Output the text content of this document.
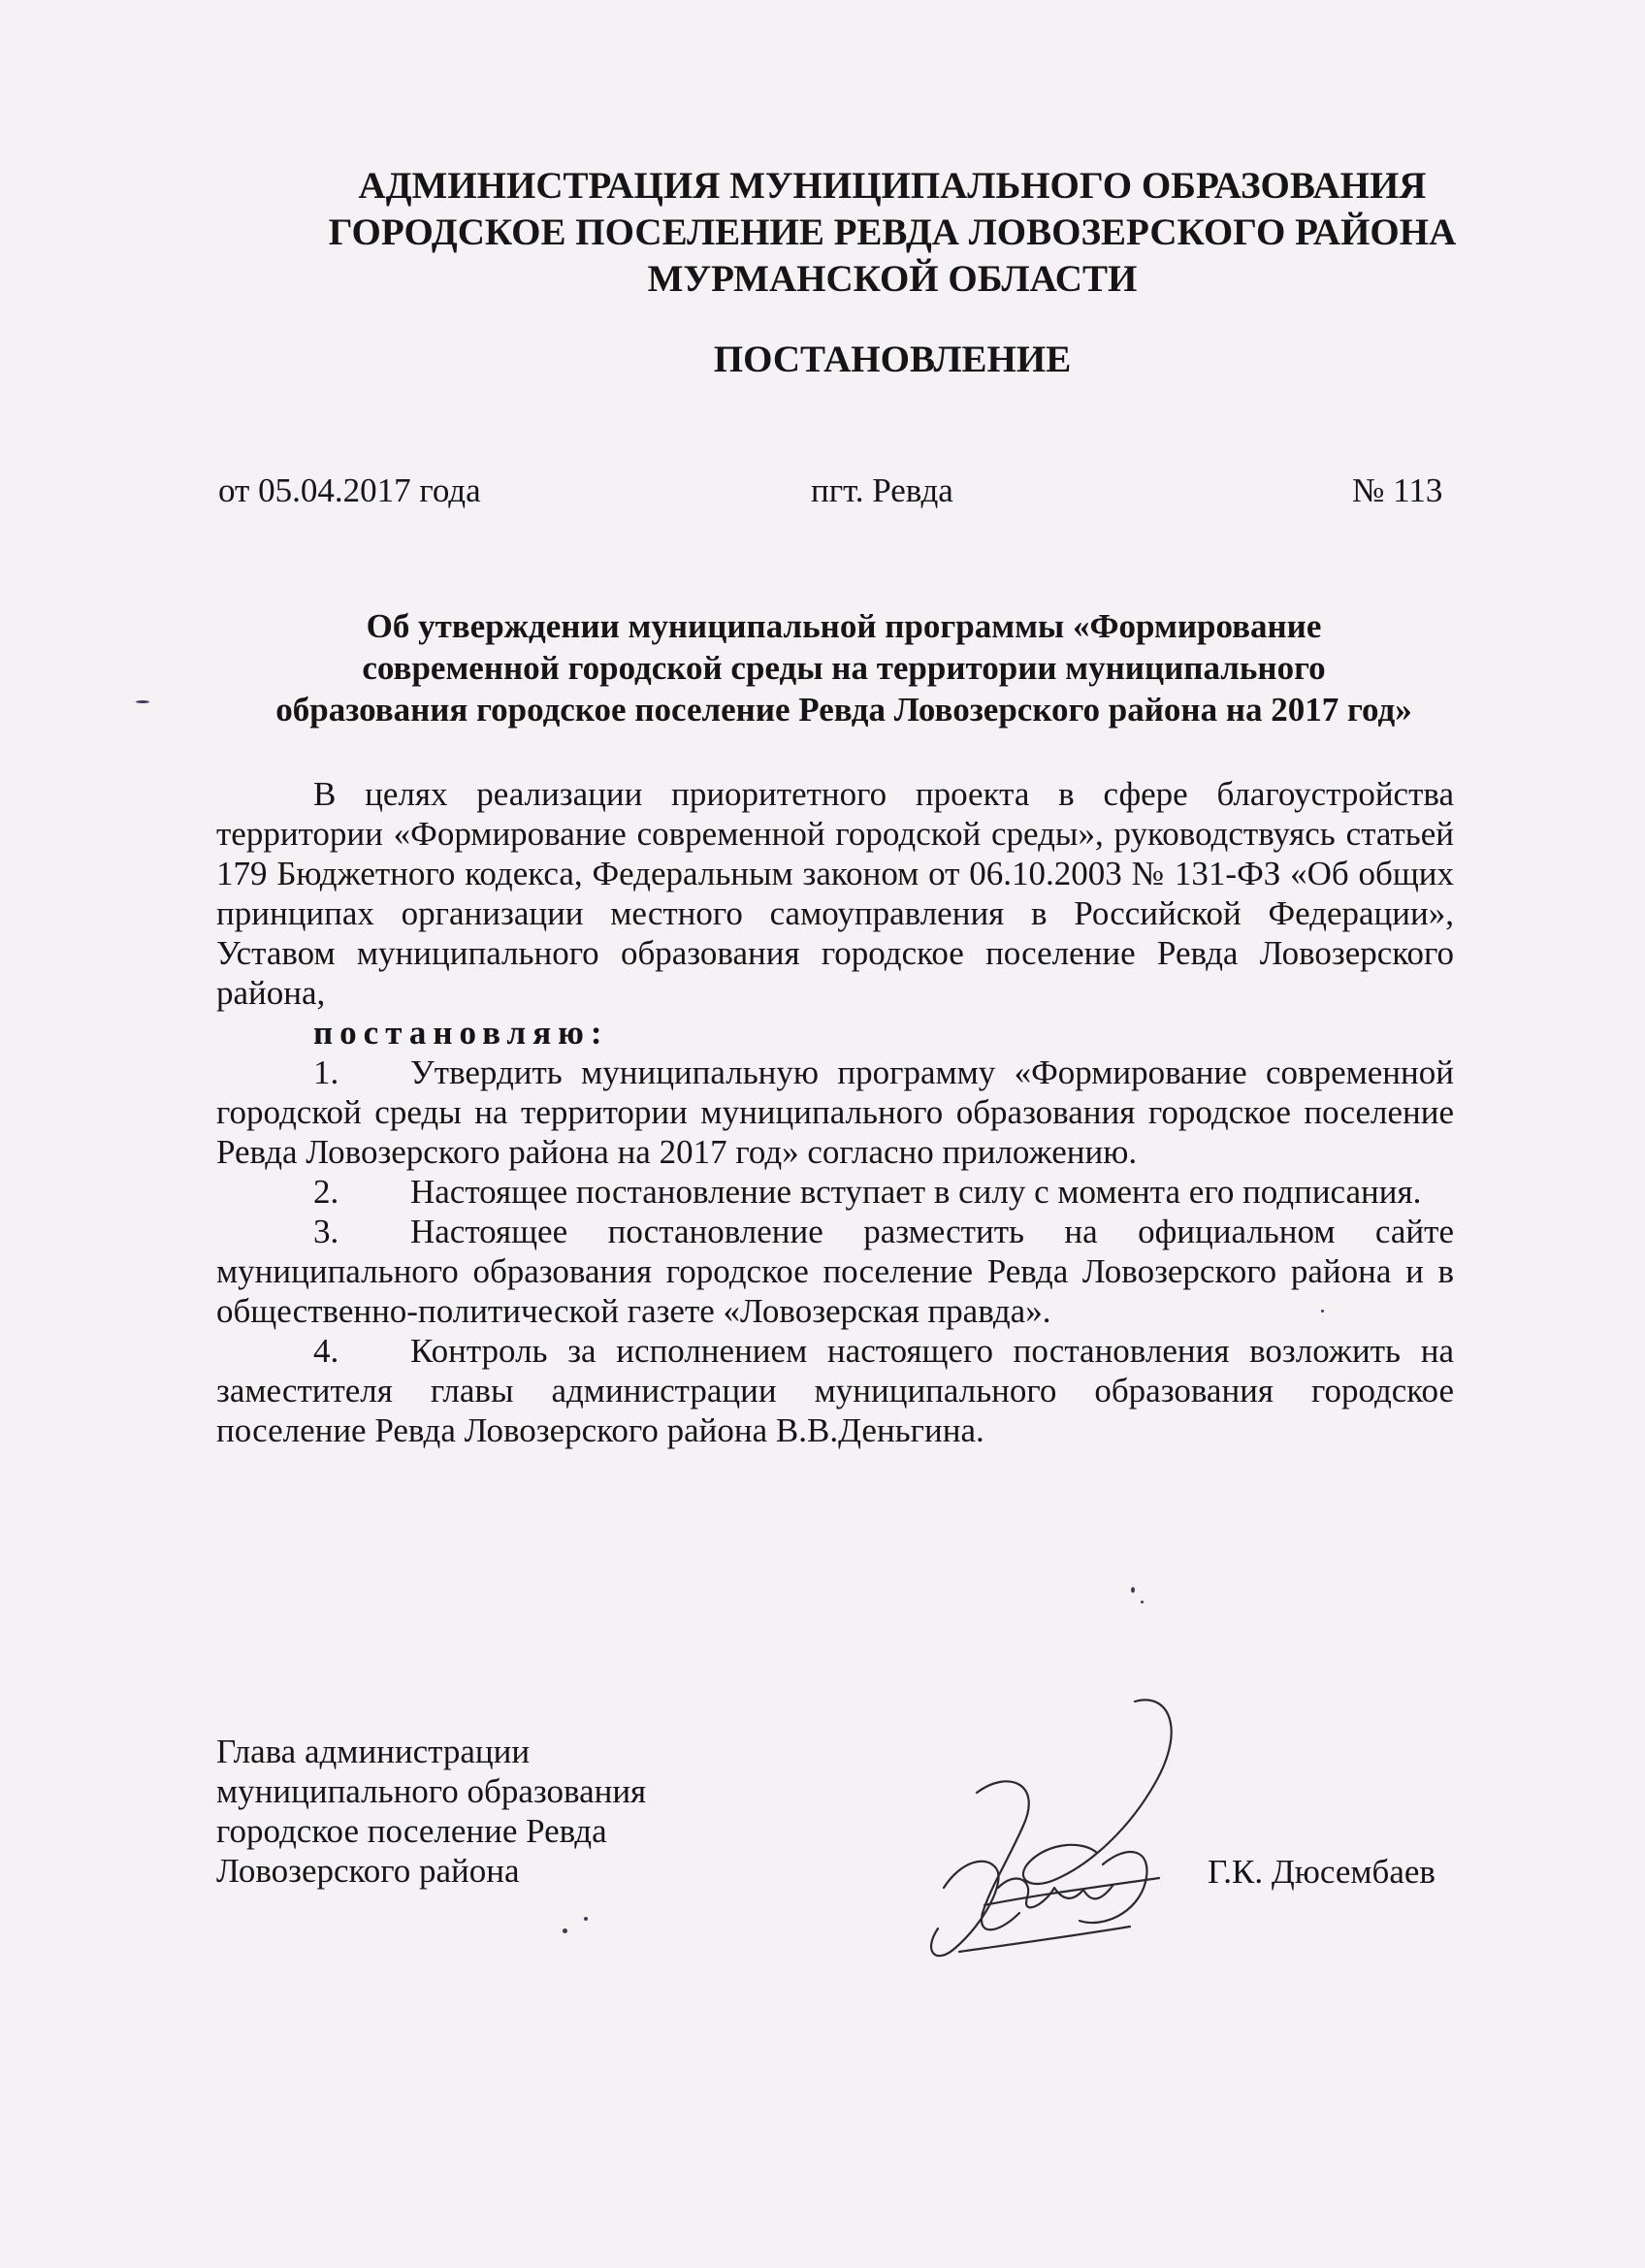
АДМИНИСТРАЦИЯ МУНИЦИПАЛЬНОГО ОБРАЗОВАНИЯ
ГОРОДСКОЕ ПОСЕЛЕНИЕ РЕВДА ЛОВОЗЕРСКОГО РАЙОНА
МУРМАНСКОЙ ОБЛАСТИ
ПОСТАНОВЛЕНИЕ
от 05.04.2017 года	пгт. Ревда	№ 113
Об утверждении муниципальной программы «Формирование
современной городской среды на территории муниципального
образования городское поселение Ревда Ловозерского района на 2017 год»

В целях реализации приоритетного проекта в сфере благоустройства территории «Формирование современной городской среды», руководствуясь статьей 179 Бюджетного кодекса, Федеральным законом от 06.10.2003 № 131-ФЗ «Об общих принципах организации местного самоуправления в Российской Федерации», Уставом муниципального образования городское поселение Ревда Ловозерского района,

постановляю:

1. Утвердить муниципальную программу «Формирование современной городской среды на территории муниципального образования городское поселение Ревда Ловозерского района на 2017 год» согласно приложению.

2. Настоящее постановление вступает в силу с момента его подписания.

3. Настоящее постановление разместить на официальном сайте муниципального образования городское поселение Ревда Ловозерского района и в общественно-политической газете «Ловозерская правда».

4. Контроль за исполнением настоящего постановления возложить на заместителя главы администрации муниципального образования городское поселение Ревда Ловозерского района В.В.Деньгина.

Глава администрации
муниципального образования
городское поселение Ревда
Ловозерского района	Г.К. Дюсембаев
